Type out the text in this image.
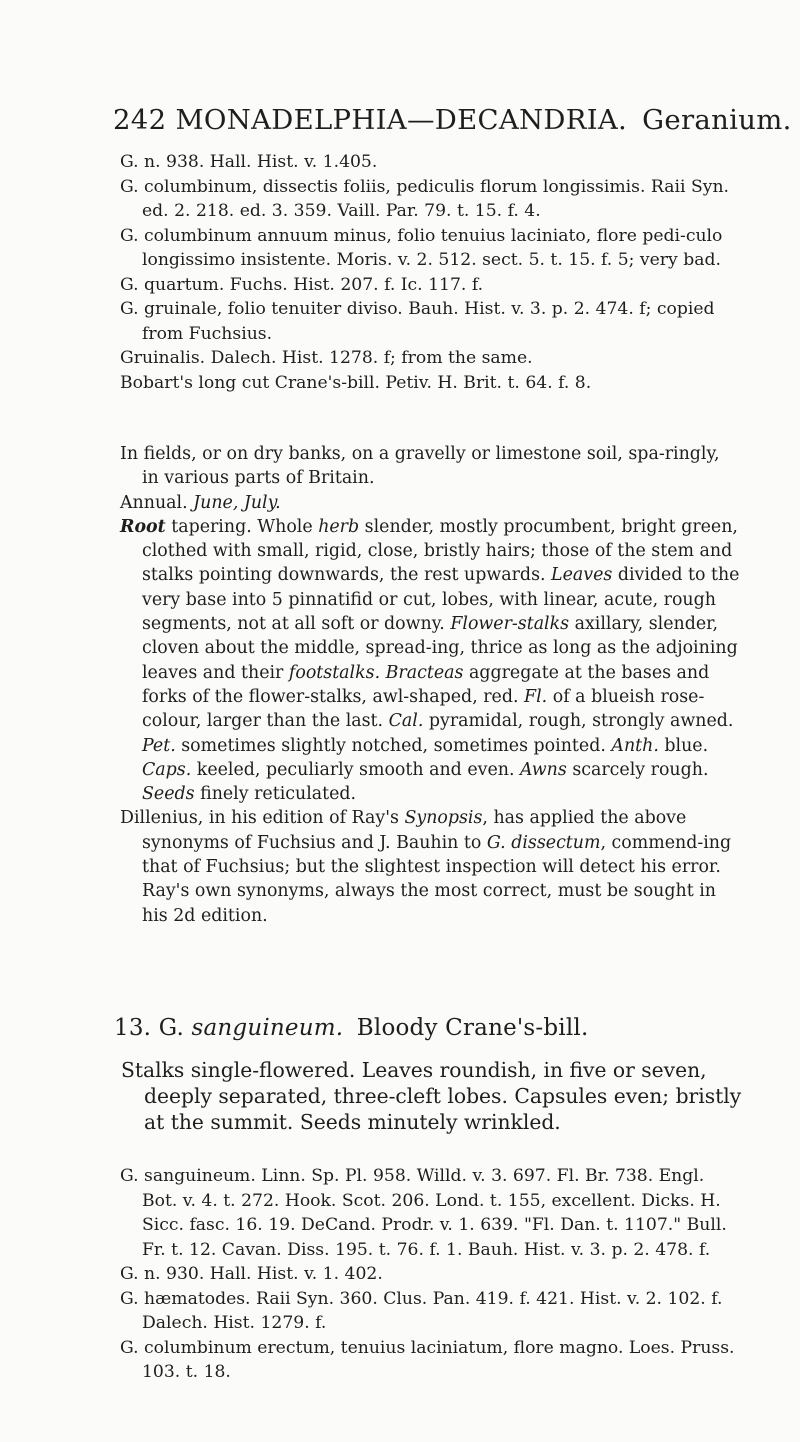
242 MONADELPHIA—DECANDRIA. Geranium.

G. n. 938. Hall. Hist. v. 1.405.

G. columbinum, dissectis foliis, pediculis florum longissimis. Raii Syn. ed. 2. 218. ed. 3. 359. Vaill. Par. 79. t. 15. f. 4.

G. columbinum annuum minus, folio tenuius laciniato, flore pedi-culo longissimo insistente. Moris. v. 2. 512. sect. 5. t. 15. f. 5; very bad.

G. quartum. Fuchs. Hist. 207. f. Ic. 117. f.

G. gruinale, folio tenuiter diviso. Bauh. Hist. v. 3. p. 2. 474. f; copied from Fuchsius.

Gruinalis. Dalech. Hist. 1278. f; from the same.

Bobart's long cut Crane's-bill. Petiv. H. Brit. t. 64. f. 8.

In fields, or on dry banks, on a gravelly or limestone soil, spa-ringly, in various parts of Britain.

Annual. June, July.

Root tapering. Whole herb slender, mostly procumbent, bright green, clothed with small, rigid, close, bristly hairs; those of the stem and stalks pointing downwards, the rest upwards. Leaves divided to the very base into 5 pinnatifid or cut, lobes, with linear, acute, rough segments, not at all soft or downy. Flower-stalks axillary, slender, cloven about the middle, spread-ing, thrice as long as the adjoining leaves and their footstalks. Bracteas aggregate at the bases and forks of the flower-stalks, awl-shaped, red. Fl. of a blueish rose-colour, larger than the last. Cal. pyramidal, rough, strongly awned. Pet. sometimes slightly notched, sometimes pointed. Anth. blue. Caps. keeled, peculiarly smooth and even. Awns scarcely rough. Seeds finely reticulated.

Dillenius, in his edition of Ray's Synopsis, has applied the above synonyms of Fuchsius and J. Bauhin to G. dissectum, commend-ing that of Fuchsius; but the slightest inspection will detect his error. Ray's own synonyms, always the most correct, must be sought in his 2d edition.

13. G. sanguineum. Bloody Crane's-bill.

Stalks single-flowered. Leaves roundish, in five or seven, deeply separated, three-cleft lobes. Capsules even; bristly at the summit. Seeds minutely wrinkled.

G. sanguineum. Linn. Sp. Pl. 958. Willd. v. 3. 697. Fl. Br. 738. Engl. Bot. v. 4. t. 272. Hook. Scot. 206. Lond. t. 155, excellent. Dicks. H. Sicc. fasc. 16. 19. DeCand. Prodr. v. 1. 639. "Fl. Dan. t. 1107." Bull. Fr. t. 12. Cavan. Diss. 195. t. 76. f. 1. Bauh. Hist. v. 3. p. 2. 478. f.

G. n. 930. Hall. Hist. v. 1. 402.

G. hæmatodes. Raii Syn. 360. Clus. Pan. 419. f. 421. Hist. v. 2. 102. f. Dalech. Hist. 1279. f.

G. columbinum erectum, tenuius laciniatum, flore magno. Loes. Pruss. 103. t. 18.
